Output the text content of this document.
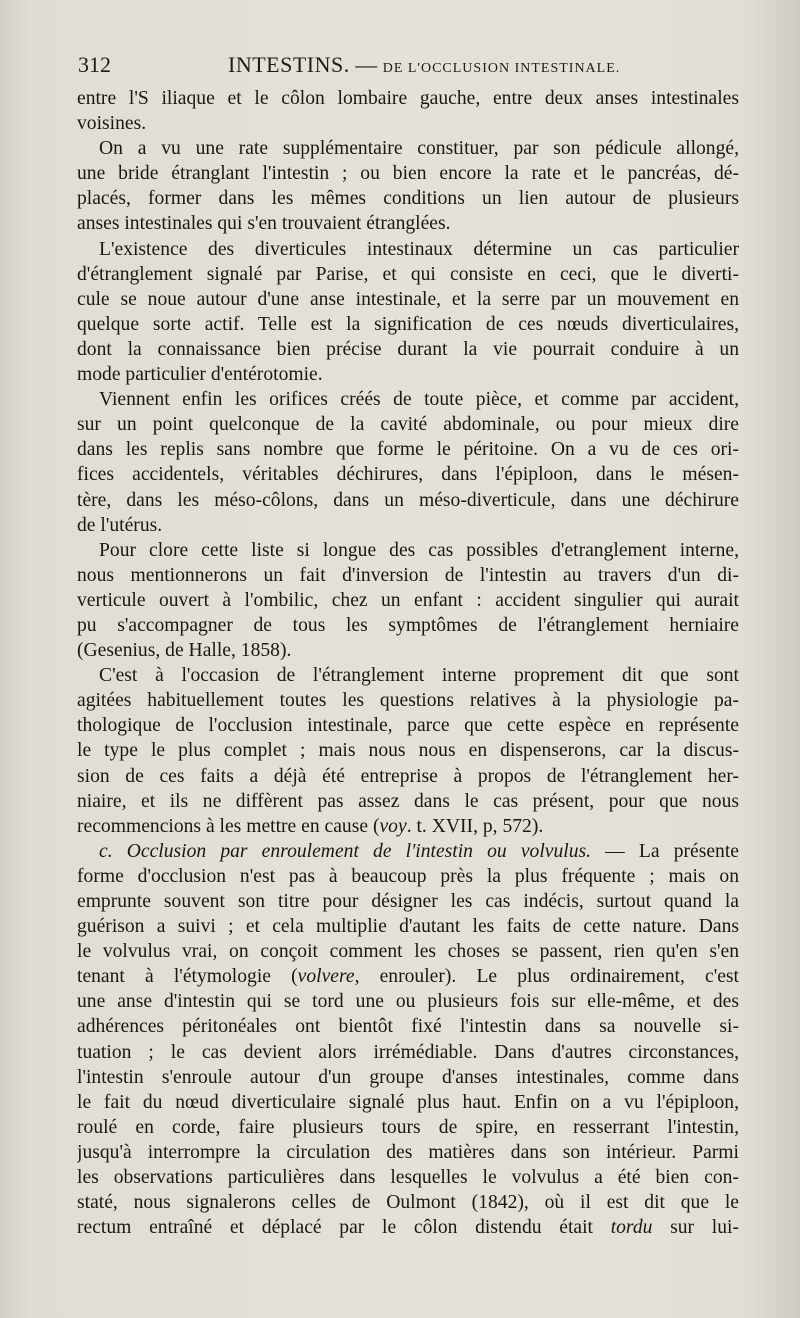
312	INTESTINS. — DE L'OCCLUSION INTESTINALE.
entre l'S iliaque et le côlon lombaire gauche, entre deux anses intestinales
voisines.
On a vu une rate supplémentaire constituer, par son pédicule allongé,
une bride étranglant l'intestin ; ou bien encore la rate et le pancréas, dé-
placés, former dans les mêmes conditions un lien autour de plusieurs
anses intestinales qui s'en trouvaient étranglées.
L'existence des diverticules intestinaux détermine un cas particulier
d'étranglement signalé par Parise, et qui consiste en ceci, que le diverti-
cule se noue autour d'une anse intestinale, et la serre par un mouvement en
quelque sorte actif. Telle est la signification de ces nœuds diverticulaires,
dont la connaissance bien précise durant la vie pourrait conduire à un
mode particulier d'entérotomie.
Viennent enfin les orifices créés de toute pièce, et comme par accident,
sur un point quelconque de la cavité abdominale, ou pour mieux dire
dans les replis sans nombre que forme le péritoine. On a vu de ces ori-
fices accidentels, véritables déchirures, dans l'épiploon, dans le mésen-
tère, dans les méso-côlons, dans un méso-diverticule, dans une déchirure
de l'utérus.
Pour clore cette liste si longue des cas possibles d'etranglement interne,
nous mentionnerons un fait d'inversion de l'intestin au travers d'un di-
verticule ouvert à l'ombilic, chez un enfant : accident singulier qui aurait
pu s'accompagner de tous les symptômes de l'étranglement herniaire
(Gesenius, de Halle, 1858).
C'est à l'occasion de l'étranglement interne proprement dit que sont
agitées habituellement toutes les questions relatives à la physiologie pa-
thologique de l'occlusion intestinale, parce que cette espèce en représente
le type le plus complet ; mais nous nous en dispenserons, car la discus-
sion de ces faits a déjà été entreprise à propos de l'étranglement her-
niaire, et ils ne diffèrent pas assez dans le cas présent, pour que nous
recommencions à les mettre en cause (voy. t. XVII, p, 572).
c. Occlusion par enroulement de l'intestin ou volvulus. — La présente
forme d'occlusion n'est pas à beaucoup près la plus fréquente ; mais on
emprunte souvent son titre pour désigner les cas indécis, surtout quand la
guérison a suivi ; et cela multiplie d'autant les faits de cette nature. Dans
le volvulus vrai, on conçoit comment les choses se passent, rien qu'en s'en
tenant à l'étymologie (volvere, enrouler). Le plus ordinairement, c'est
une anse d'intestin qui se tord une ou plusieurs fois sur elle-même, et des
adhérences péritonéales ont bientôt fixé l'intestin dans sa nouvelle si-
tuation ; le cas devient alors irrémédiable. Dans d'autres circonstances,
l'intestin s'enroule autour d'un groupe d'anses intestinales, comme dans
le fait du nœud diverticulaire signalé plus haut. Enfin on a vu l'épiploon,
roulé en corde, faire plusieurs tours de spire, en resserrant l'intestin,
jusqu'à interrompre la circulation des matières dans son intérieur. Parmi
les observations particulières dans lesquelles le volvulus a été bien con-
staté, nous signalerons celles de Oulmont (1842), où il est dit que le
rectum entraîné et déplacé par le côlon distendu était tordu sur lui-
